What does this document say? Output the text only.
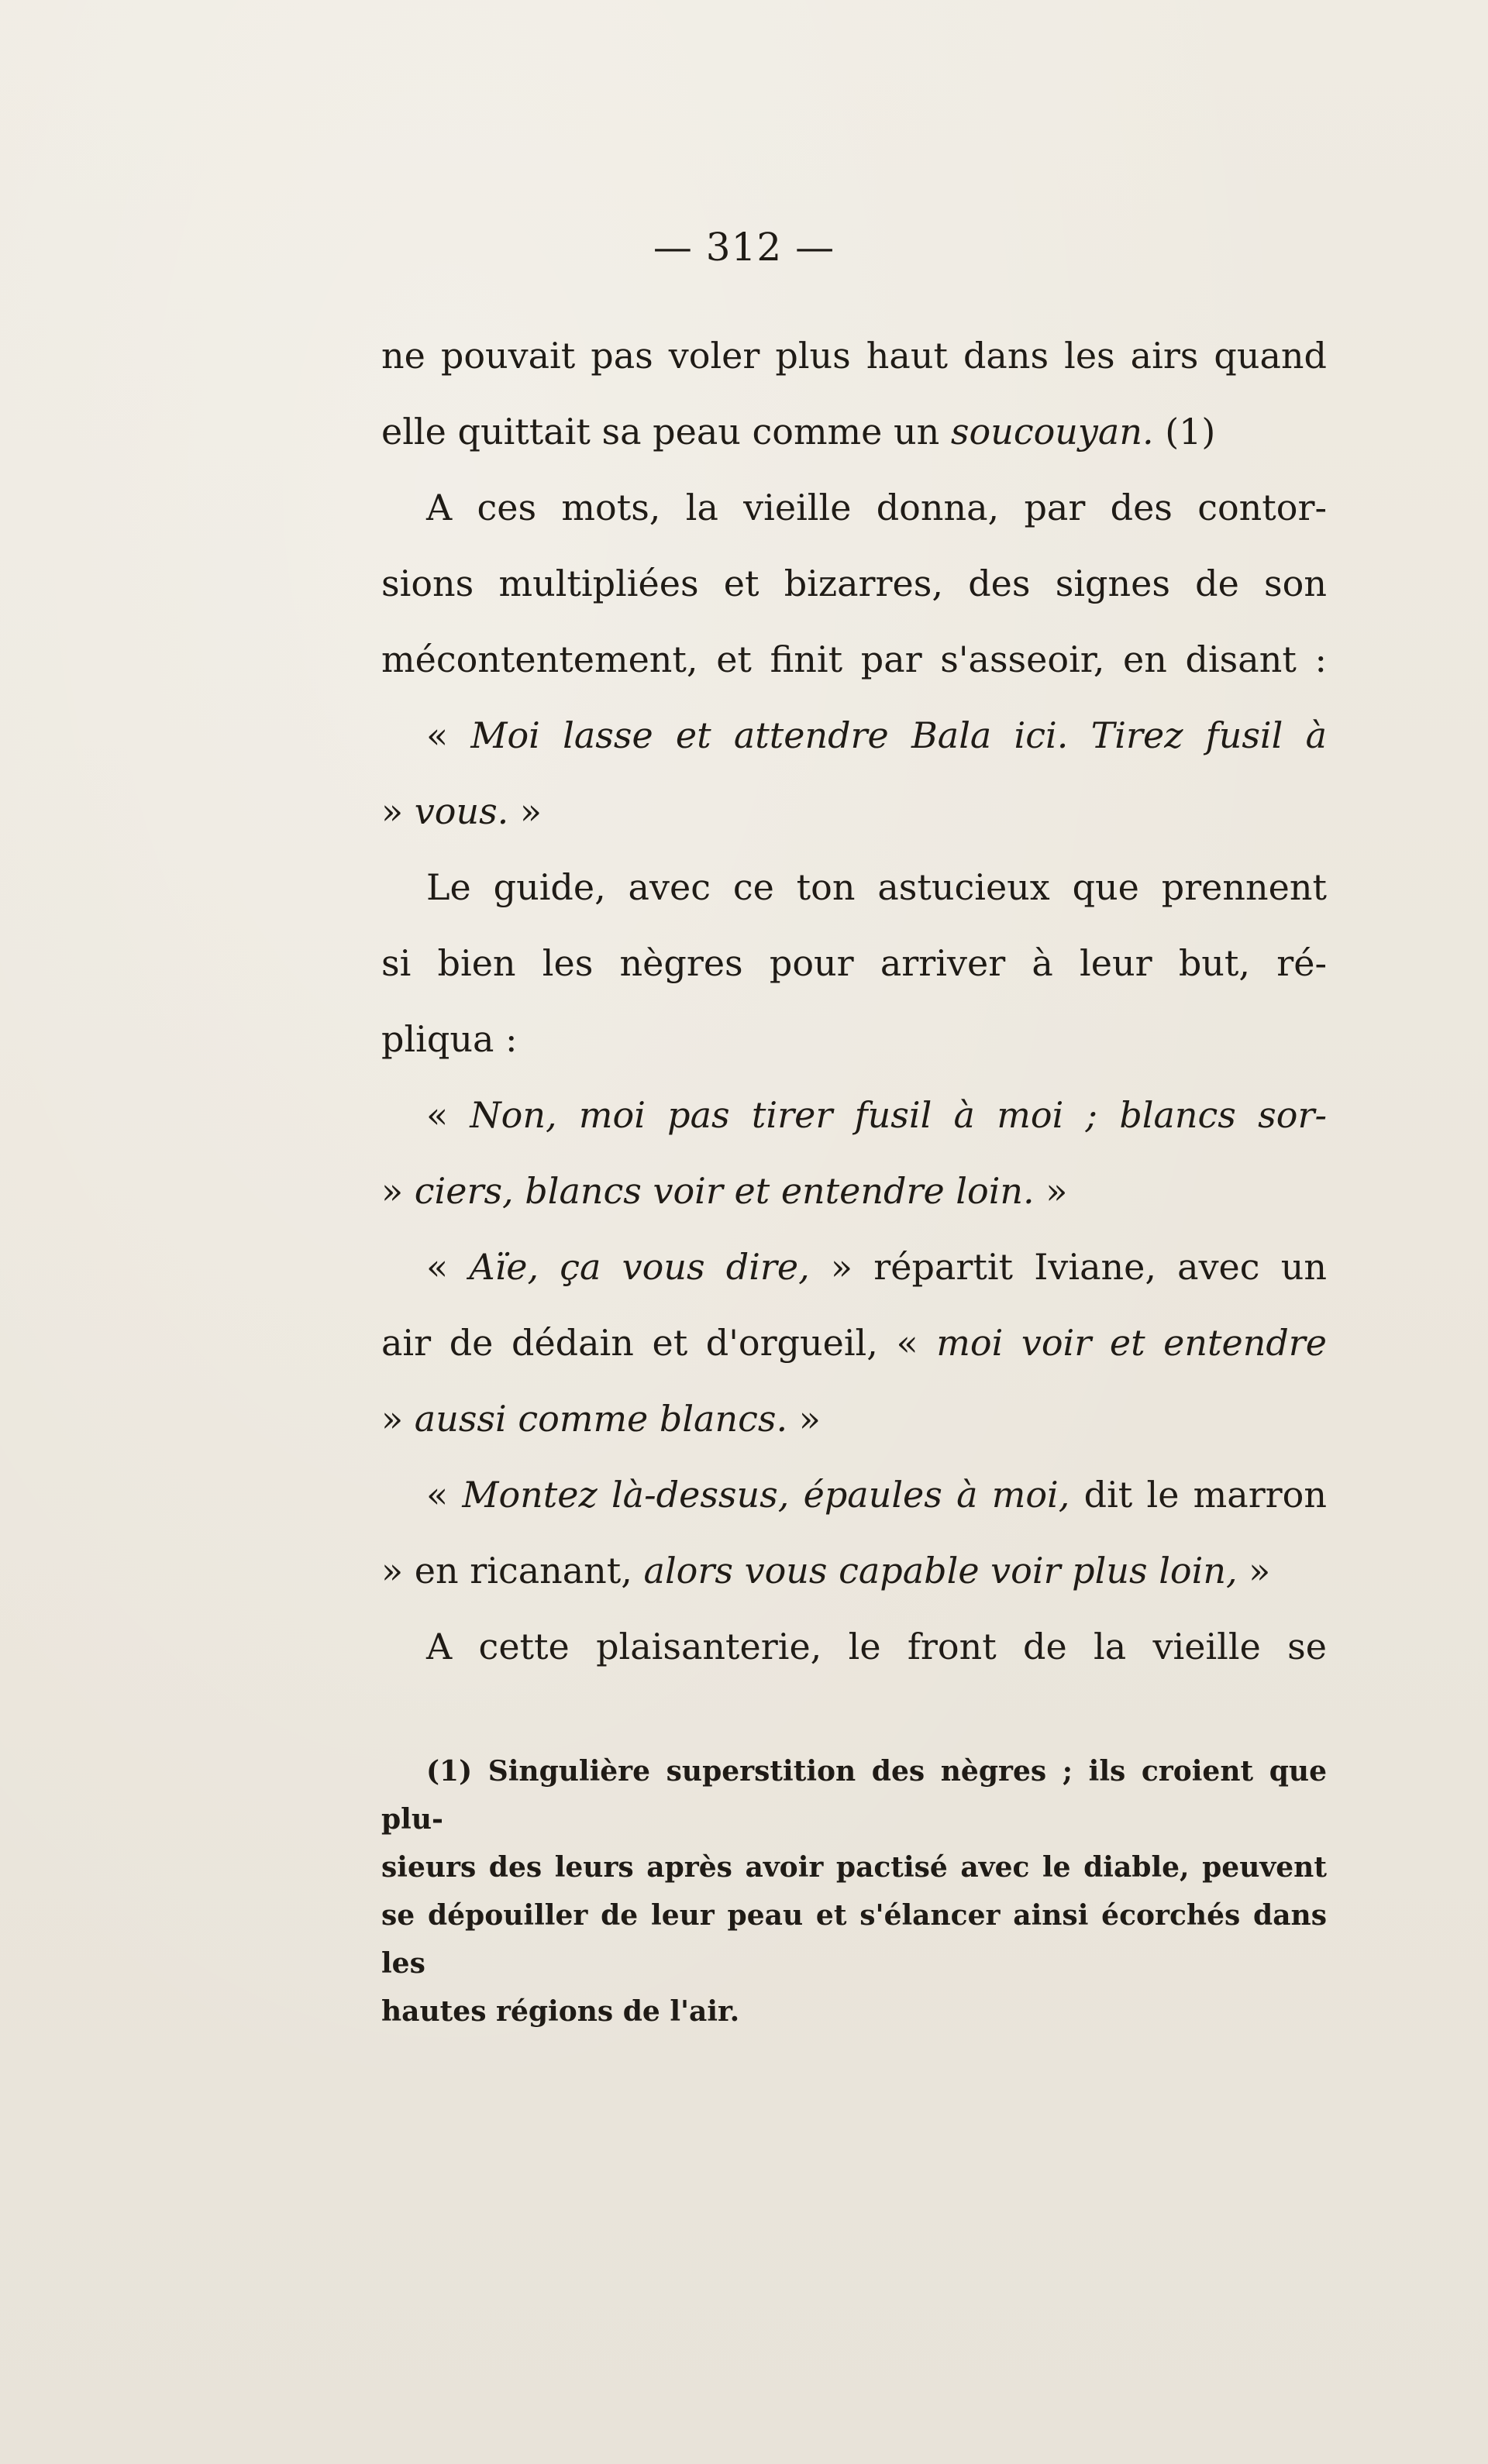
— 312 —

ne pouvait pas voler plus haut dans les airs quand

elle quittait sa peau comme un soucouyan. (1)

A ces mots, la vieille donna, par des contor-

sions multipliées et bizarres, des signes de son

mécontentement, et finit par s'asseoir, en disant :

« Moi lasse et attendre Bala ici. Tirez fusil à

» vous. »

Le guide, avec ce ton astucieux que prennent

si bien les nègres pour arriver à leur but, ré-

pliqua :

« Non, moi pas tirer fusil à moi ; blancs sor-

» ciers, blancs voir et entendre loin. »

« Aïe, ça vous dire, » répartit Iviane, avec un

air de dédain et d'orgueil, « moi voir et entendre

» aussi comme blancs. »

« Montez là-dessus, épaules à moi, dit le marron

» en ricanant, alors vous capable voir plus loin, »

A cette plaisanterie, le front de la vieille se

(1) Singulière superstition des nègres ; ils croient que plu-

sieurs des leurs après avoir pactisé avec le diable, peuvent

se dépouiller de leur peau et s'élancer ainsi écorchés dans les

hautes régions de l'air.
